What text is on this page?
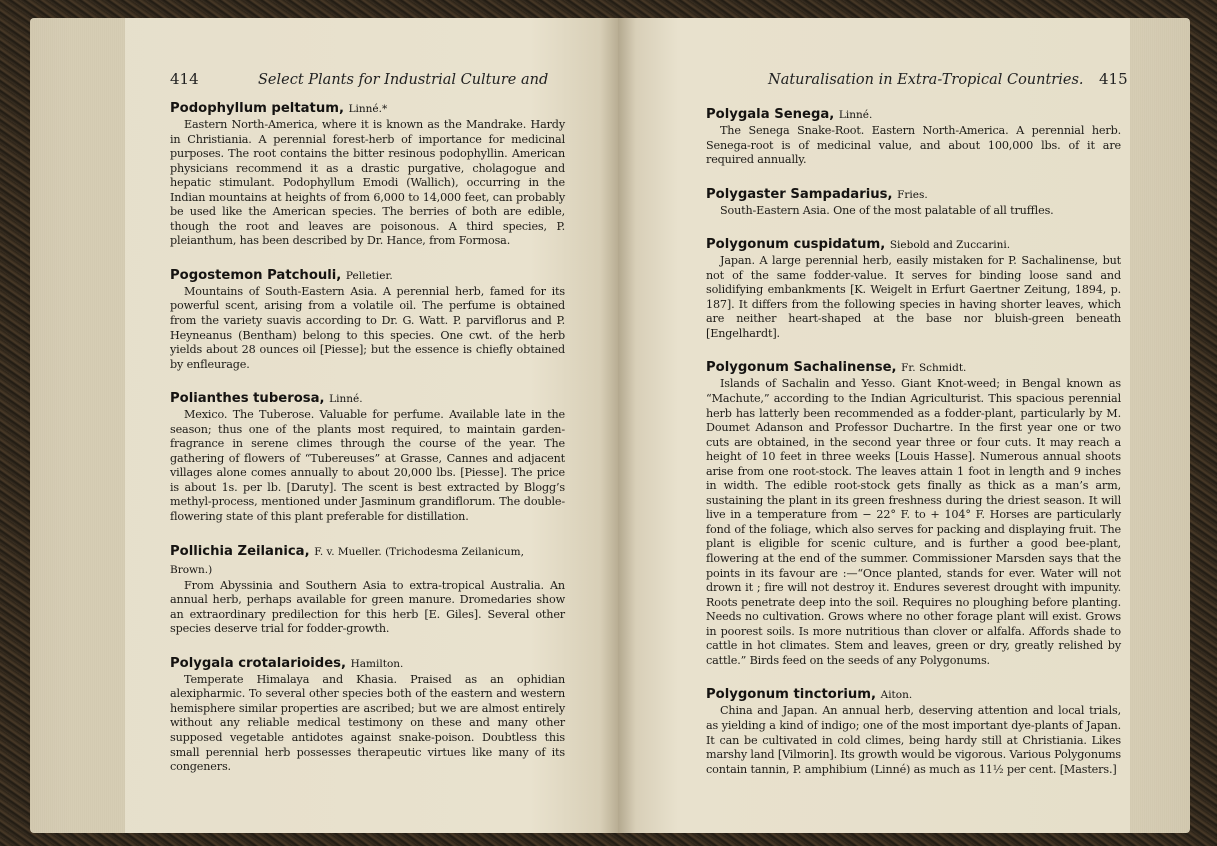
414	Select Plants for Industrial Culture and
Podophyllum peltatum, Linné.*

Eastern North-America, where it is known as the Mandrake. Hardy in Christiania. A perennial forest-herb of importance for medicinal purposes. The root contains the bitter resinous podophyllin. American physicians recommend it as a drastic purgative, cholagogue and hepatic stimulant. Podophyllum Emodi (Wallich), occurring in the Indian mountains at heights of from 6,000 to 14,000 feet, can probably be used like the American species. The berries of both are edible, though the root and leaves are poisonous. A third species, P. pleianthum, has been described by Dr. Hance, from Formosa.

Pogostemon Patchouli, Pelletier.

Mountains of South-Eastern Asia. A perennial herb, famed for its powerful scent, arising from a volatile oil. The perfume is obtained from the variety suavis according to Dr. G. Watt. P. parviflorus and P. Heyneanus (Bentham) belong to this species. One cwt. of the herb yields about 28 ounces oil [Piesse]; but the essence is chiefly obtained by enfleurage.

Polianthes tuberosa, Linné.

Mexico. The Tuberose. Valuable for perfume. Available late in the season; thus one of the plants most required, to maintain garden-fragrance in serene climes through the course of the year. The gathering of flowers of “Tubereuses” at Grasse, Cannes and adjacent villages alone comes annually to about 20,000 lbs. [Piesse]. The price is about 1s. per lb. [Daruty]. The scent is best extracted by Blogg’s methyl-process, mentioned under Jasminum grandiflorum. The double-flowering state of this plant preferable for distillation.

Pollichia Zeilanica, F. v. Mueller. (Trichodesma Zeilanicum, Brown.)

From Abyssinia and Southern Asia to extra-tropical Australia. An annual herb, perhaps available for green manure. Dromedaries show an extraordinary predilection for this herb [E. Giles]. Several other species deserve trial for fodder-growth.

Polygala crotalarioides, Hamilton.

Temperate Himalaya and Khasia. Praised as an ophidian alexipharmic. To several other species both of the eastern and western hemisphere similar properties are ascribed; but we are almost entirely without any reliable medical testimony on these and many other supposed vegetable antidotes against snake-poison. Doubtless this small perennial herb possesses therapeutic virtues like many of its congeners.

Naturalisation in Extra-Tropical Countries. 415
Polygala Senega, Linné.

The Senega Snake-Root. Eastern North-America. A perennial herb. Senega-root is of medicinal value, and about 100,000 lbs. of it are required annually.

Polygaster Sampadarius, Fries.

South-Eastern Asia. One of the most palatable of all truffles.

Polygonum cuspidatum, Siebold and Zuccarini.

Japan. A large perennial herb, easily mistaken for P. Sachalinense, but not of the same fodder-value. It serves for binding loose sand and solidifying embankments [K. Weigelt in Erfurt Gaertner Zeitung, 1894, p. 187]. It differs from the following species in having shorter leaves, which are neither heart-shaped at the base nor bluish-green beneath [Engelhardt].

Polygonum Sachalinense, Fr. Schmidt.

Islands of Sachalin and Yesso. Giant Knot-weed; in Bengal known as “Machute,” according to the Indian Agriculturist. This spacious perennial herb has latterly been recommended as a fodder-plant, particularly by M. Doumet Adanson and Professor Duchartre. In the first year one or two cuts are obtained, in the second year three or four cuts. It may reach a height of 10 feet in three weeks [Louis Hasse]. Numerous annual shoots arise from one root-stock. The leaves attain 1 foot in length and 9 inches in width. The edible root-stock gets finally as thick as a man’s arm, sustaining the plant in its green freshness during the driest season. It will live in a temperature from − 22° F. to + 104° F. Horses are particularly fond of the foliage, which also serves for packing and displaying fruit. The plant is eligible for scenic culture, and is further a good bee-plant, flowering at the end of the summer. Commissioner Marsden says that the points in its favour are :—“Once planted, stands for ever. Water will not drown it ; fire will not destroy it. Endures severest drought with impunity. Roots penetrate deep into the soil. Requires no ploughing before planting. Needs no cultivation. Grows where no other forage plant will exist. Grows in poorest soils. Is more nutritious than clover or alfalfa. Affords shade to cattle in hot climates. Stem and leaves, green or dry, greatly relished by cattle.” Birds feed on the seeds of any Polygonums.

Polygonum tinctorium, Aiton.

China and Japan. An annual herb, deserving attention and local trials, as yielding a kind of indigo; one of the most important dye-plants of Japan. It can be cultivated in cold climes, being hardy still at Christiania. Likes marshy land [Vilmorin]. Its growth would be vigorous. Various Polygonums contain tannin, P. amphibium (Linné) as much as 11½ per cent. [Masters.]
